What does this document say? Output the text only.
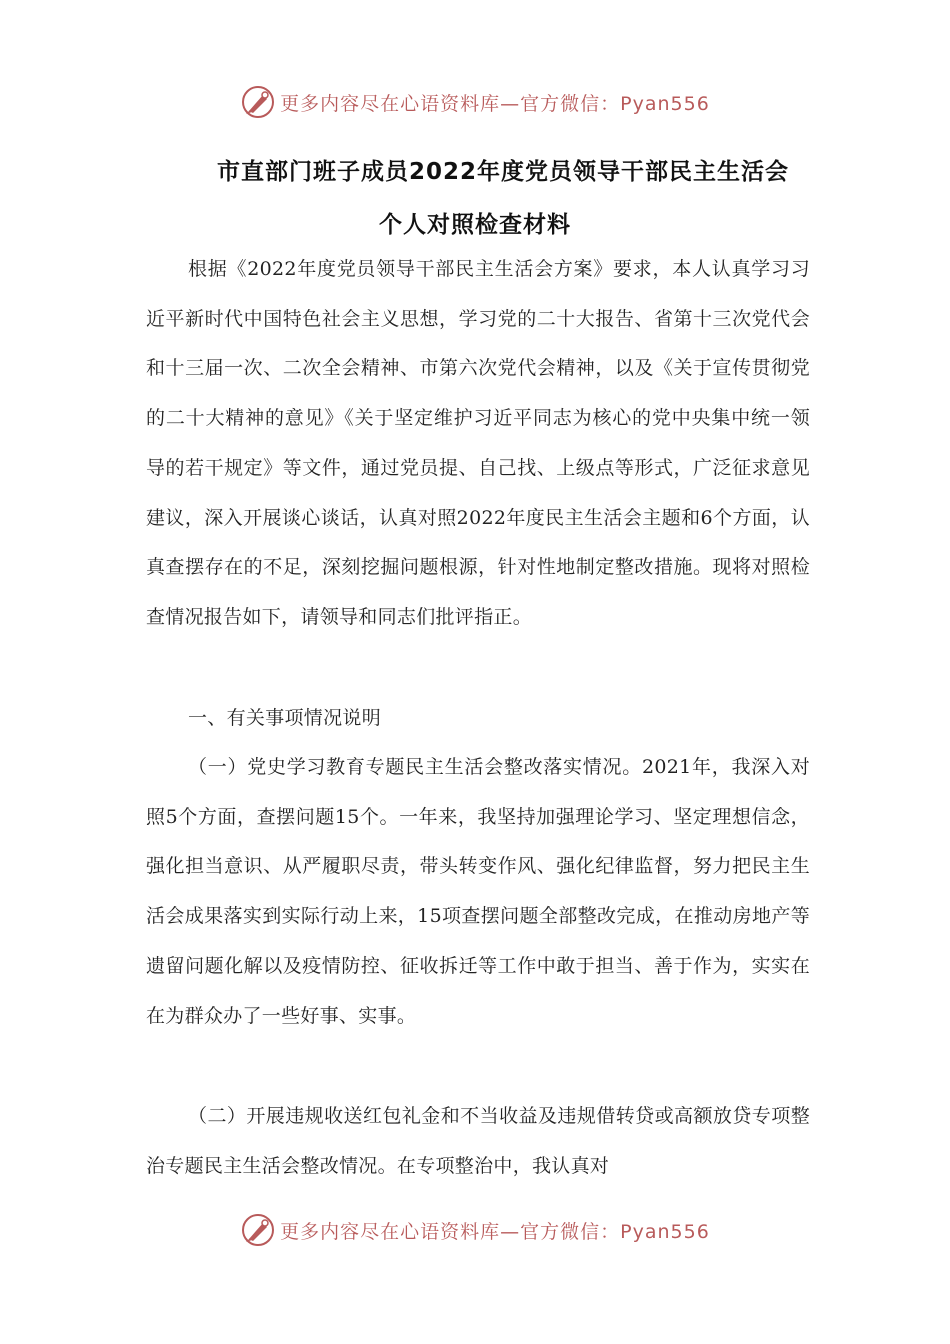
更多内容尽在心语资料库—官方微信：Pyan556
市直部门班子成员2022年度党员领导干部民主生活会
个人对照检查材料
根据《2022年度党员领导干部民主生活会方案》要求，本人认真学习习近平新时代中国特色社会主义思想，学习党的二十大报告、省第十三次党代会和十三届一次、二次全会精神、市第六次党代会精神，以及《关于宣传贯彻党的二十大精神的意见》《关于坚定维护习近平同志为核心的党中央集中统一领导的若干规定》等文件，通过党员提、自己找、上级点等形式，广泛征求意见建议，深入开展谈心谈话，认真对照2022年度民主生活会主题和6个方面，认真查摆存在的不足，深刻挖掘问题根源，针对性地制定整改措施。现将对照检查情况报告如下，请领导和同志们批评指正。
一、有关事项情况说明
（一）党史学习教育专题民主生活会整改落实情况。2021年，我深入对照5个方面，查摆问题15个。一年来，我坚持加强理论学习、坚定理想信念，强化担当意识、从严履职尽责，带头转变作风、强化纪律监督，努力把民主生活会成果落实到实际行动上来，15项查摆问题全部整改完成，在推动房地产等遗留问题化解以及疫情防控、征收拆迁等工作中敢于担当、善于作为，实实在在为群众办了一些好事、实事。
（二）开展违规收送红包礼金和不当收益及违规借转贷或高额放贷专项整治专题民主生活会整改情况。在专项整治中，我认真对
更多内容尽在心语资料库—官方微信：Pyan556
